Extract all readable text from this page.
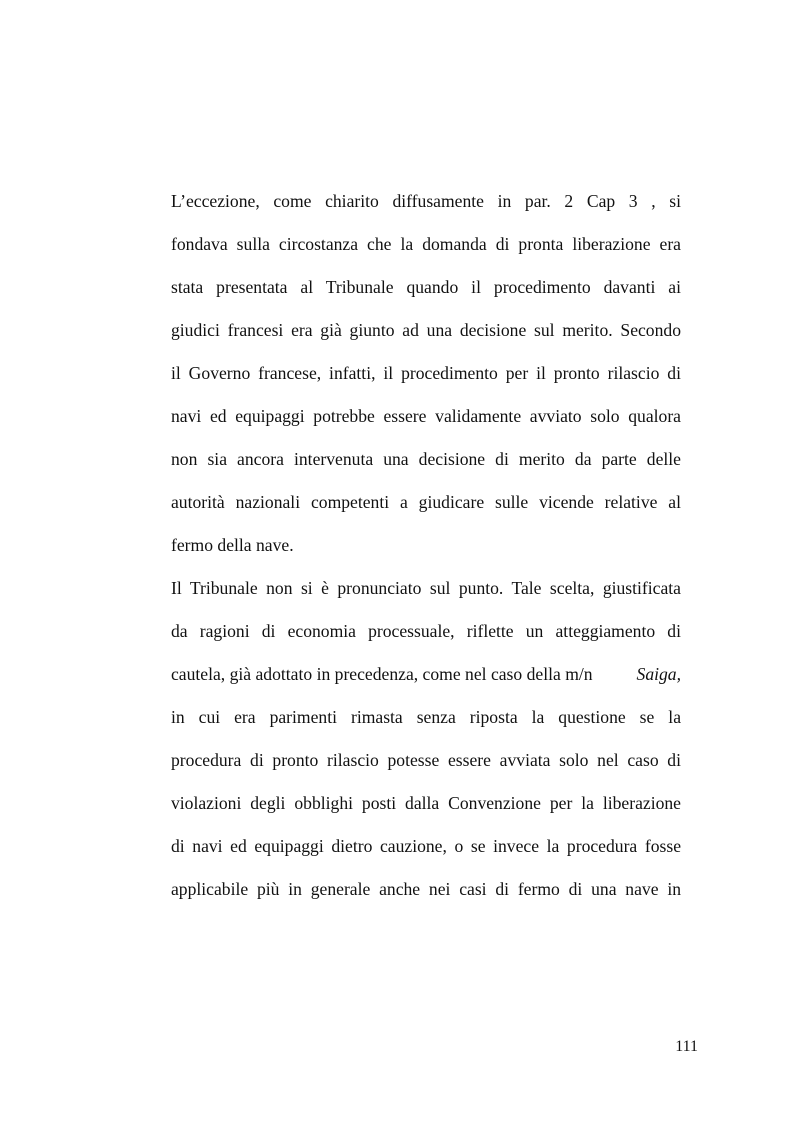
L’eccezione, come chiarito diffusamente in par. 2 Cap 3 , si
fondava sulla circostanza che la domanda di pronta liberazione era
stata presentata al Tribunale quando il procedimento davanti ai
giudici francesi era già giunto ad una decisione sul merito. Secondo
il Governo francese, infatti, il procedimento per il pronto rilascio di
navi ed equipaggi potrebbe essere validamente avviato solo qualora
non sia ancora intervenuta una decisione di merito da parte delle
autorità nazionali competenti a giudicare sulle vicende relative al
fermo della nave.
Il Tribunale non si è pronunciato sul punto. Tale scelta, giustificata
da ragioni di economia processuale, riflette un atteggiamento di
cautela, già adottato in precedenza, come nel caso della m/n Saiga,
in cui era parimenti rimasta senza riposta la questione se la
procedura di pronto rilascio potesse essere avviata solo nel caso di
violazioni degli obblighi posti dalla Convenzione per la liberazione
di navi ed equipaggi dietro cauzione, o se invece la procedura fosse
applicabile più in generale anche nei casi di fermo di una nave in
111
